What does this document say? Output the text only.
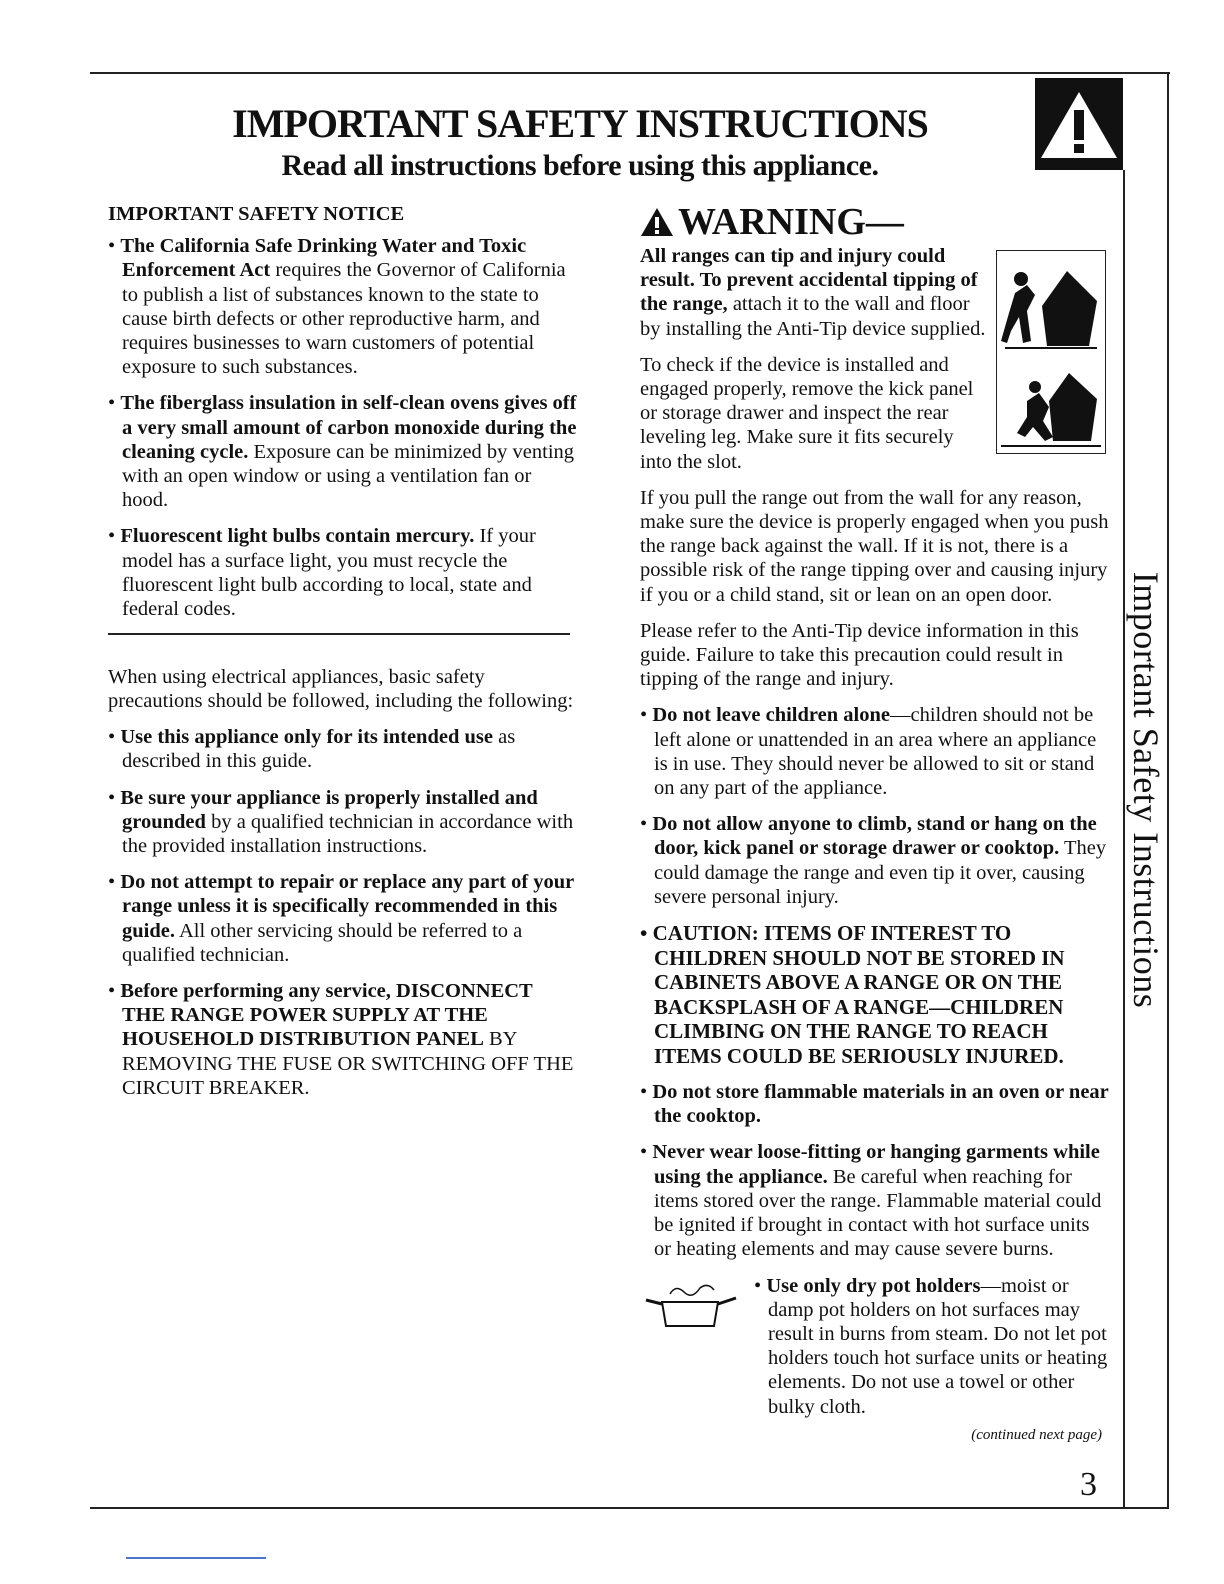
IMPORTANT SAFETY INSTRUCTIONS
Read all instructions before using this appliance.

IMPORTANT SAFETY NOTICE

• The California Safe Drinking Water and Toxic Enforcement Act requires the Governor of California to publish a list of substances known to the state to cause birth defects or other reproductive harm, and requires businesses to warn customers of potential exposure to such substances.

• The fiberglass insulation in self-clean ovens gives off a very small amount of carbon monoxide during the cleaning cycle. Exposure can be minimized by venting with an open window or using a ventilation fan or hood.

• Fluorescent light bulbs contain mercury. If your model has a surface light, you must recycle the fluorescent light bulb according to local, state and federal codes.

When using electrical appliances, basic safety precautions should be followed, including the following:

• Use this appliance only for its intended use as described in this guide.

• Be sure your appliance is properly installed and grounded by a qualified technician in accordance with the provided installation instructions.

• Do not attempt to repair or replace any part of your range unless it is specifically recommended in this guide. All other servicing should be referred to a qualified technician.

• Before performing any service, DISCONNECT THE RANGE POWER SUPPLY AT THE HOUSEHOLD DISTRIBUTION PANEL BY REMOVING THE FUSE OR SWITCHING OFF THE CIRCUIT BREAKER.

WARNING—

All ranges can tip and injury could result. To prevent accidental tipping of the range, attach it to the wall and floor by installing the Anti-Tip device supplied.

To check if the device is installed and engaged properly, remove the kick panel or storage drawer and inspect the rear leveling leg. Make sure it fits securely into the slot.

If you pull the range out from the wall for any reason, make sure the device is properly engaged when you push the range back against the wall. If it is not, there is a possible risk of the range tipping over and causing injury if you or a child stand, sit or lean on an open door.

Please refer to the Anti-Tip device information in this guide. Failure to take this precaution could result in tipping of the range and injury.

• Do not leave children alone—children should not be left alone or unattended in an area where an appliance is in use. They should never be allowed to sit or stand on any part of the appliance.

• Do not allow anyone to climb, stand or hang on the door, kick panel or storage drawer or cooktop. They could damage the range and even tip it over, causing severe personal injury.

• CAUTION: ITEMS OF INTEREST TO CHILDREN SHOULD NOT BE STORED IN CABINETS ABOVE A RANGE OR ON THE BACKSPLASH OF A RANGE—CHILDREN CLIMBING ON THE RANGE TO REACH ITEMS COULD BE SERIOUSLY INJURED.

• Do not store flammable materials in an oven or near the cooktop.

• Never wear loose-fitting or hanging garments while using the appliance. Be careful when reaching for items stored over the range. Flammable material could be ignited if brought in contact with hot surface units or heating elements and may cause severe burns.

• Use only dry pot holders—moist or damp pot holders on hot surfaces may result in burns from steam. Do not let pot holders touch hot surface units or heating elements. Do not use a towel or other bulky cloth.

(continued next page)

Important Safety Instructions
3
